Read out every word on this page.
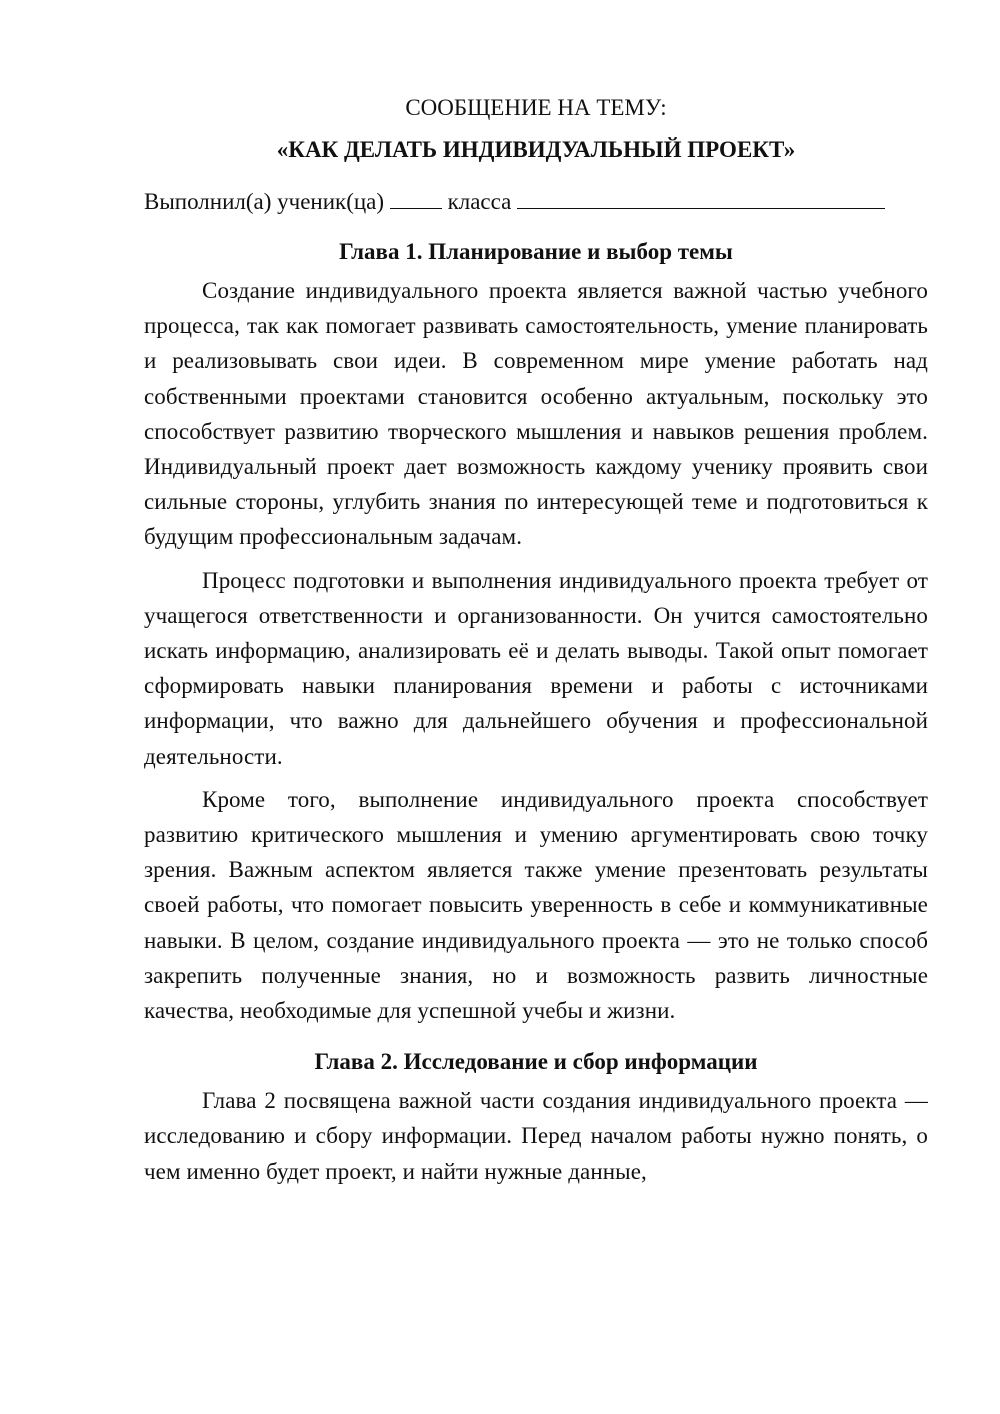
СООБЩЕНИЕ НА ТЕМУ:

«КАК ДЕЛАТЬ ИНДИВИДУАЛЬНЫЙ ПРОЕКТ»

Выполнил(а) ученик(ца)	класса

Глава 1. Планирование и выбор темы

Создание индивидуального проекта является важной частью учебного процесса, так как помогает развивать самостоятельность, умение планировать и реализовывать свои идеи. В современном мире умение работать над собственными проектами становится особенно актуальным, поскольку это способствует развитию творческого мышления и навыков решения проблем. Индивидуальный проект дает возможность каждому ученику проявить свои сильные стороны, углубить знания по интересующей теме и подготовиться к будущим профессиональным задачам.

Процесс подготовки и выполнения индивидуального проекта требует от учащегося ответственности и организованности. Он учится самостоятельно искать информацию, анализировать её и делать выводы. Такой опыт помогает сформировать навыки планирования времени и работы с источниками информации, что важно для дальнейшего обучения и профессиональной деятельности.

Кроме того, выполнение индивидуального проекта способствует развитию критического мышления и умению аргументировать свою точку зрения. Важным аспектом является также умение презентовать результаты своей работы, что помогает повысить уверенность в себе и коммуникативные навыки. В целом, создание индивидуального проекта — это не только способ закрепить полученные знания, но и возможность развить личностные качества, необходимые для успешной учебы и жизни.

Глава 2. Исследование и сбор информации

Глава 2 посвящена важной части создания индивидуального проекта — исследованию и сбору информации. Перед началом работы нужно понять, о чем именно будет проект, и найти нужные данные,
